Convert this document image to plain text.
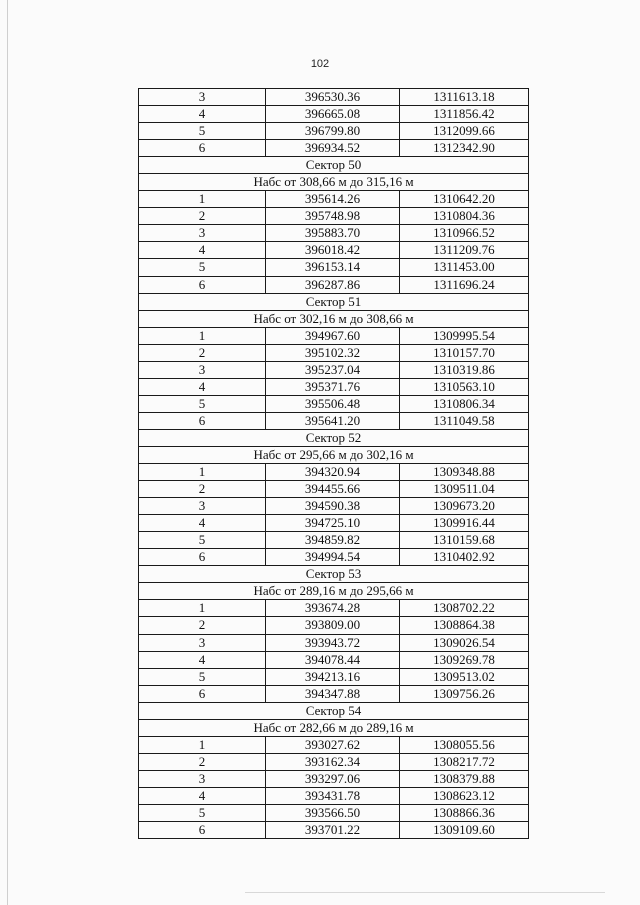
102
3	396530.36	1311613.18
4	396665.08	1311856.42
5	396799.80	1312099.66
6	396934.52	1312342.90
Сектор 50		
Набс от 308,66 м до 315,16 м		
1	395614.26	1310642.20
2	395748.98	1310804.36
3	395883.70	1310966.52
4	396018.42	1311209.76
5	396153.14	1311453.00
6	396287.86	1311696.24
Сектор 51		
Набс от 302,16 м до 308,66 м		
1	394967.60	1309995.54
2	395102.32	1310157.70
3	395237.04	1310319.86
4	395371.76	1310563.10
5	395506.48	1310806.34
6	395641.20	1311049.58
Сектор 52		
Набс от 295,66 м до 302,16 м		
1	394320.94	1309348.88
2	394455.66	1309511.04
3	394590.38	1309673.20
4	394725.10	1309916.44
5	394859.82	1310159.68
6	394994.54	1310402.92
Сектор 53		
Набс от 289,16 м до 295,66 м		
1	393674.28	1308702.22
2	393809.00	1308864.38
3	393943.72	1309026.54
4	394078.44	1309269.78
5	394213.16	1309513.02
6	394347.88	1309756.26
Сектор 54		
Набс от 282,66 м до 289,16 м		
1	393027.62	1308055.56
2	393162.34	1308217.72
3	393297.06	1308379.88
4	393431.78	1308623.12
5	393566.50	1308866.36
6	393701.22	1309109.60
